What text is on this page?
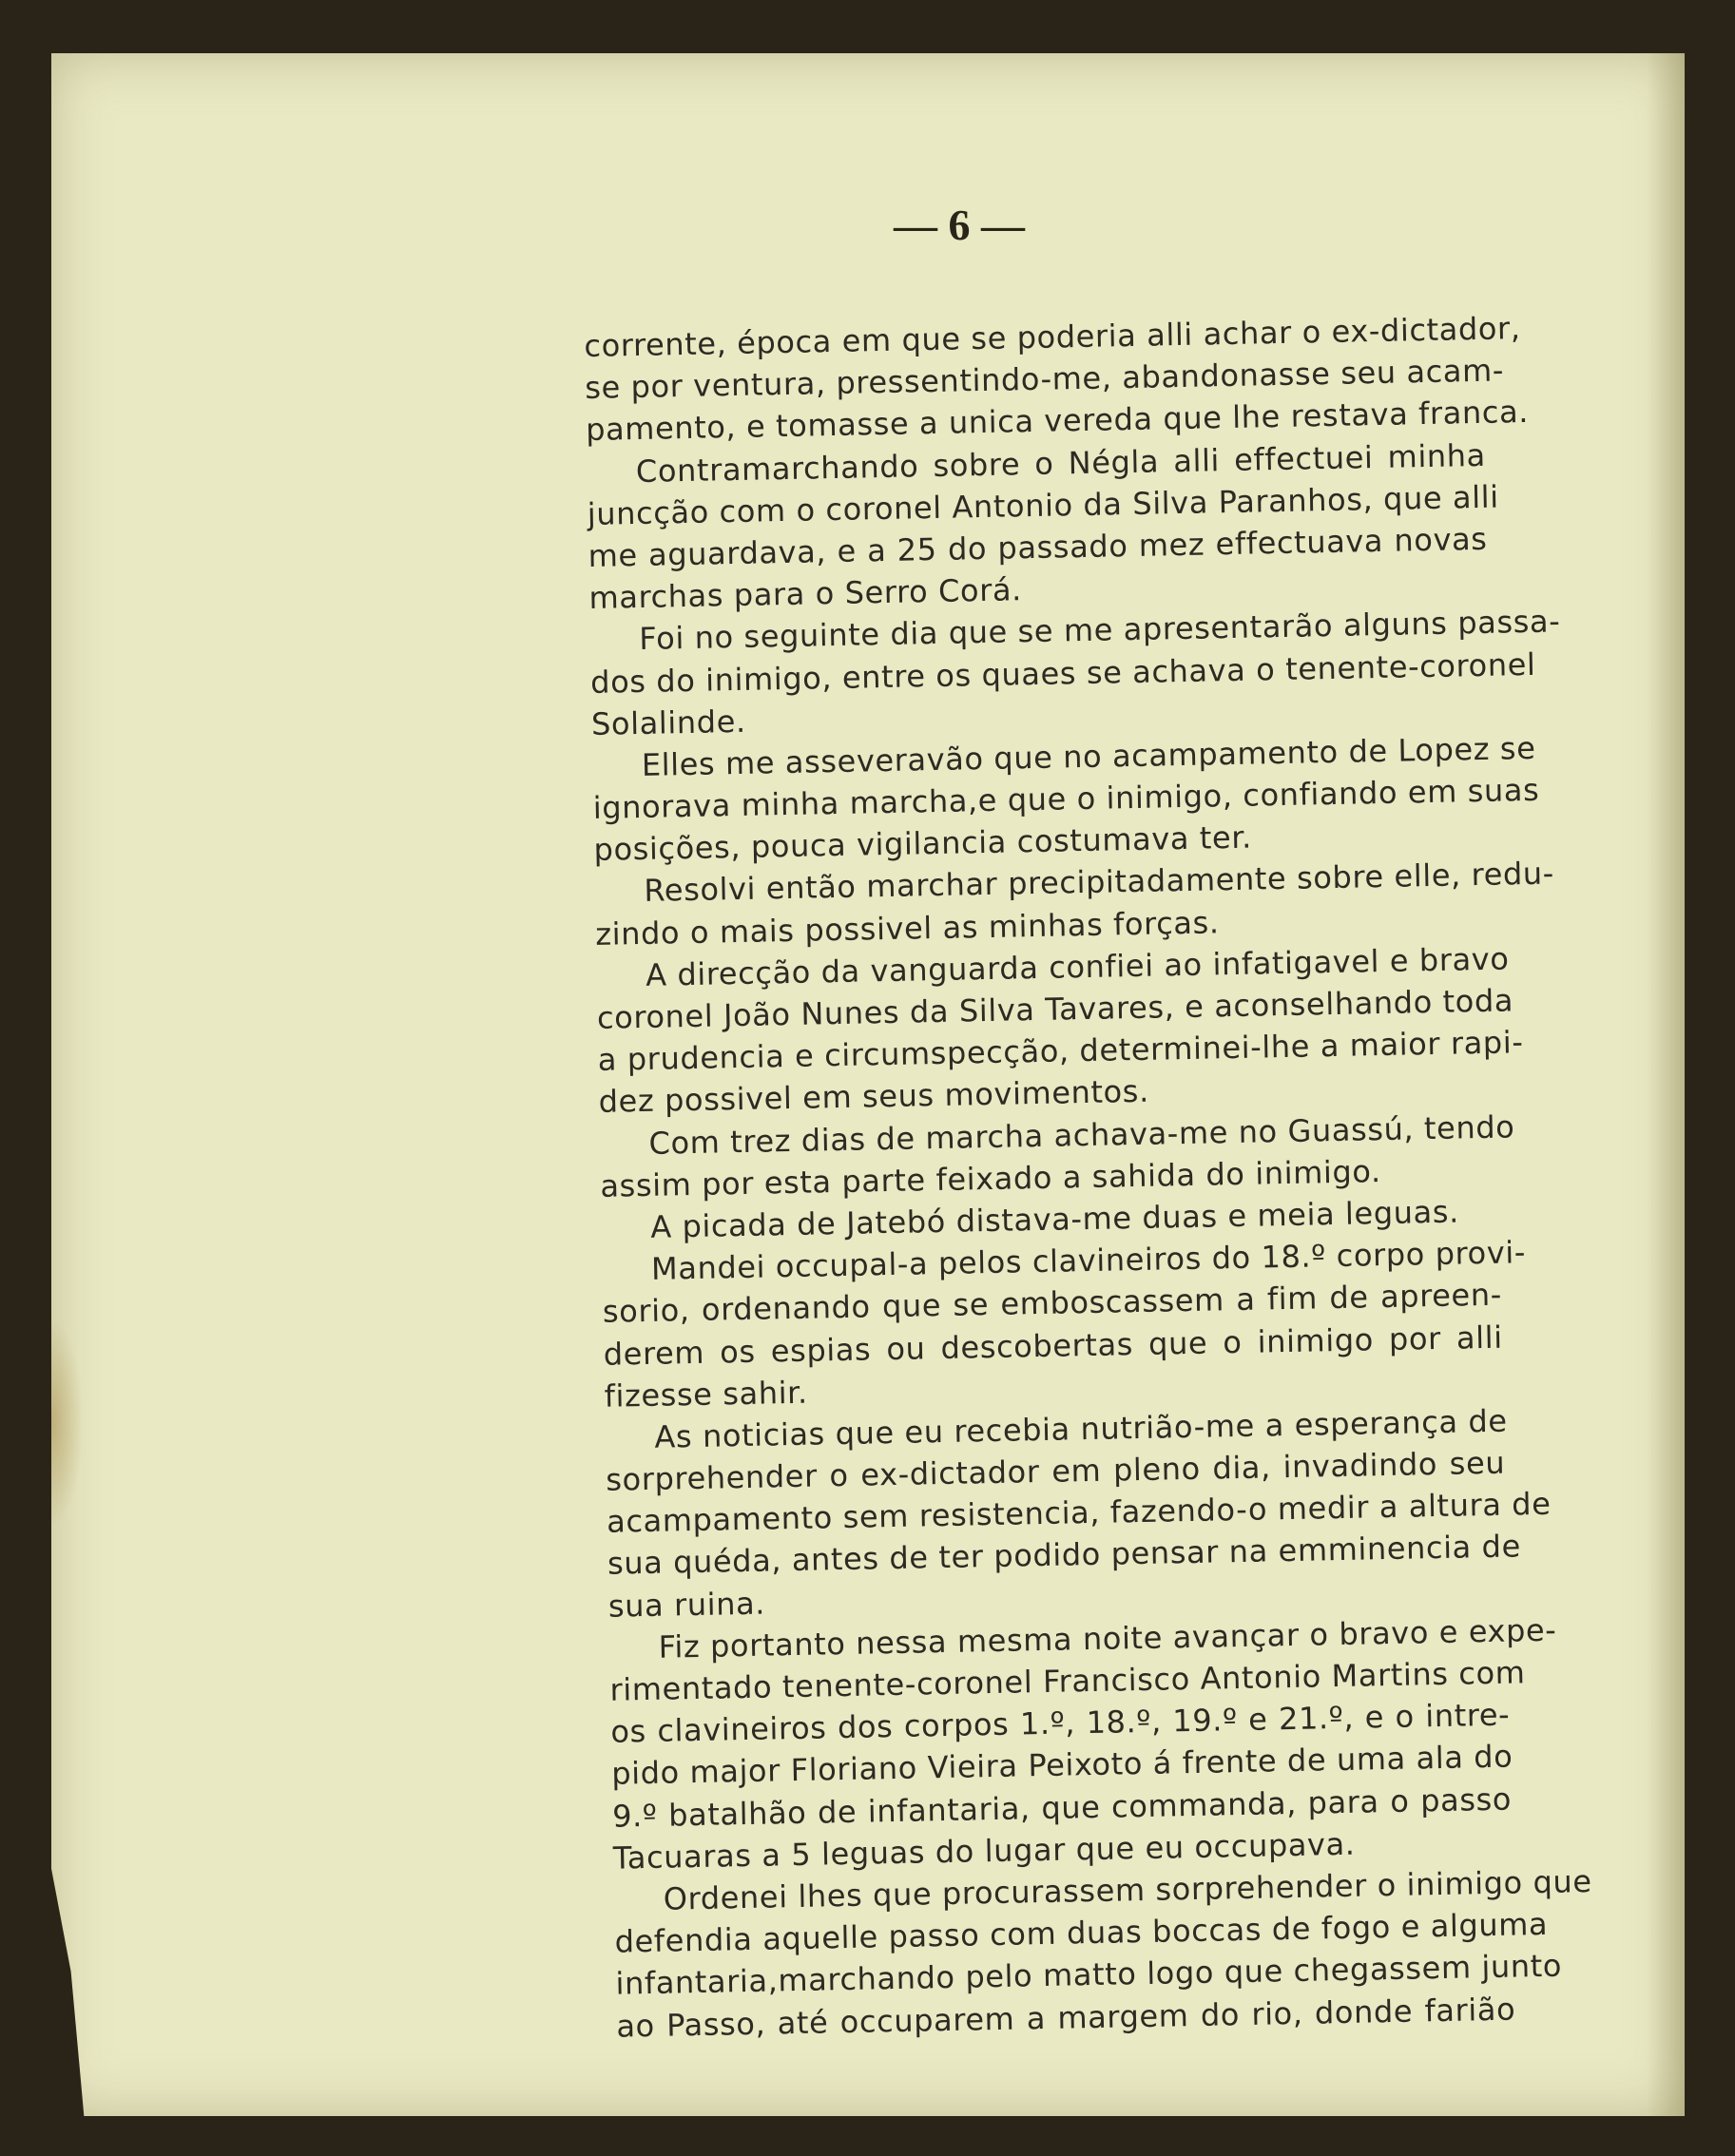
— 6 —
corrente, época em que se poderia alli achar o ex-dictador,
se por ventura, pressentindo-me, abandonasse seu acam-
pamento, e tomasse a unica vereda que lhe restava franca.
Contramarchando sobre o Négla alli effectuei minha
juncção com o coronel Antonio da Silva Paranhos, que alli
me aguardava, e a 25 do passado mez effectuava novas
marchas para o Serro Corá.
Foi no seguinte dia que se me apresentarão alguns passa-
dos do inimigo, entre os quaes se achava o tenente-coronel
Solalinde.
Elles me asseveravão que no acampamento de Lopez se
ignorava minha marcha,e que o inimigo, confiando em suas
posições, pouca vigilancia costumava ter.
Resolvi então marchar precipitadamente sobre elle, redu-
zindo o mais possivel as minhas forças.
A direcção da vanguarda confiei ao infatigavel e bravo
coronel João Nunes da Silva Tavares, e aconselhando toda
a prudencia e circumspecção, determinei-lhe a maior rapi-
dez possivel em seus movimentos.
Com trez dias de marcha achava-me no Guassú, tendo
assim por esta parte feixado a sahida do inimigo.
A picada de Jatebó distava-me duas e meia leguas.
Mandei occupal-a pelos clavineiros do 18.º corpo provi-
sorio, ordenando que se emboscassem a fim de apreen-
derem os espias ou descobertas que o inimigo por alli
fizesse sahir.
As noticias que eu recebia nutrião-me a esperança de
sorprehender o ex-dictador em pleno dia, invadindo seu
acampamento sem resistencia, fazendo-o medir a altura de
sua quéda, antes de ter podido pensar na emminencia de
sua ruina.
Fiz portanto nessa mesma noite avançar o bravo e expe-
rimentado tenente-coronel Francisco Antonio Martins com
os clavineiros dos corpos 1.º, 18.º, 19.º e 21.º, e o intre-
pido major Floriano Vieira Peixoto á frente de uma ala do
9.º batalhão de infantaria, que commanda, para o passo
Tacuaras a 5 leguas do lugar que eu occupava.
Ordenei lhes que procurassem sorprehender o inimigo que
defendia aquelle passo com duas boccas de fogo e alguma
infantaria,marchando pelo matto logo que chegassem junto
ao Passo, até occuparem a margem do rio, donde farião
